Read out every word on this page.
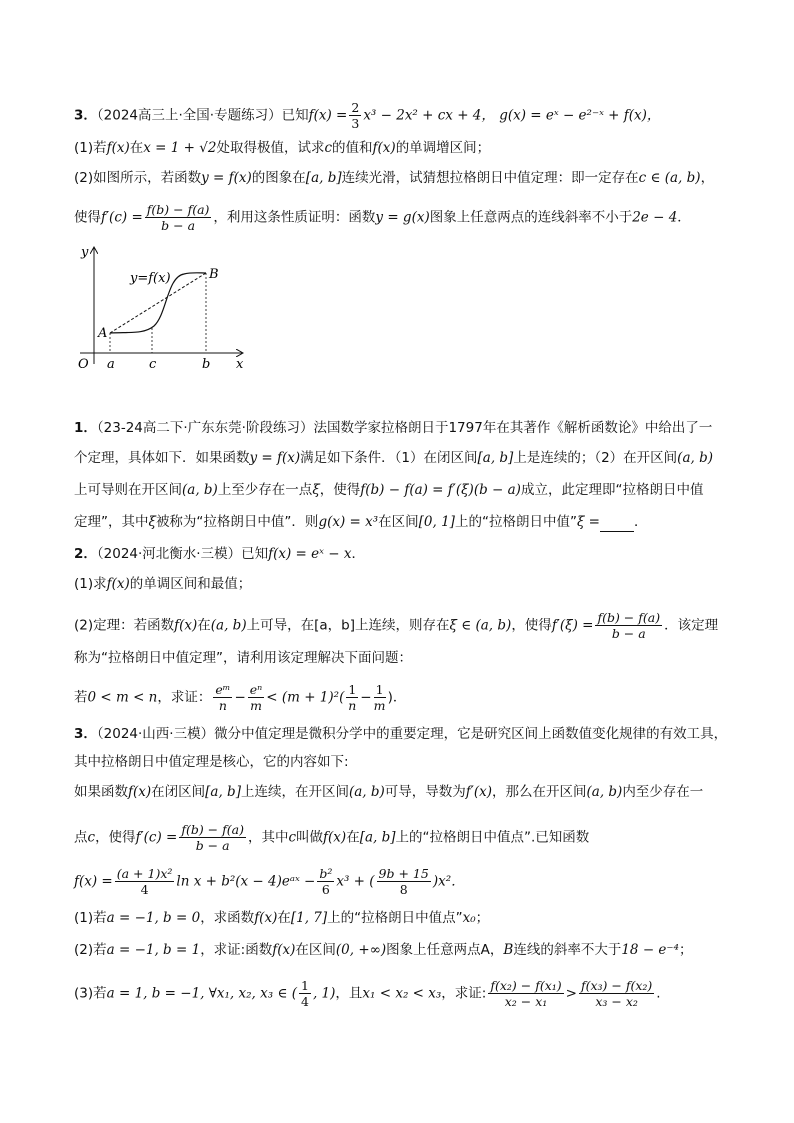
3．（2024高三上·全国·专题练习）已知$f(x) = \frac{2}{3} x^3 - 2x^2$ + cx + 4， g(x) = eˣ − e²⁻ˣ + f(x)，
(1)若f(x)在x = 1 + √2处取得极值，试求c的值和f(x)的单调增区间；
(2)如图所示，若函数y = f(x)的图象在[a, b]连续光滑，试猜想拉格朗日中值定理：即一定存在c ∈ (a, b)，
使得$f'(c) = \frac{f(b) - f(a)}{b - a}$ ，利用这条性质证明：函数y = g(x)图象上任意两点的连线斜率不小于2e − 4．
y
x
O
y=f(x)
A
B
a	c	b
1．（23-24高二下·广东东莞·阶段练习）法国数学家拉格朗日于1797年在其著作《解析函数论》中给出了一
个定理，具体如下．如果函数y = f(x)满足如下条件．（1）在闭区间[a, b]上是连续的；（2）在开区间(a, b)
上可导则在开区间(a, b)上至少存在一点ξ，使得f(b) − f(a) = f′(ξ)(b − a)成立，此定理即“拉格朗日中值
定理”，其中ξ被称为“拉格朗日中值”．则g(x) = x³在区间[0, 1]上的“拉格朗日中值”ξ =	．
2．（2024·河北衡水·三模）已知f(x) = eˣ − x．
(1)求f(x)的单调区间和最值；
(2)定理：若函数f(x)在(a, b)上可导，在[a，b]上连续，则存在ξ ∈ (a, b)，使得$f'(\xi) = \frac{f(b) - f(a)}{b - a}$ ．该定理
称为“拉格朗日中值定理”，请利用该定理解决下面问题：
若0 < m < n，求证： $\frac{\text{eᵐ}}{n} - \frac{\text{eⁿ}}{m} < (m + 1)^2( \frac{1}{n} - \frac{1}{m}$ )．
3．（2024·山西·三模）微分中值定理是微积分学中的重要定理，它是研究区间上函数值变化规律的有效工具，
其中拉格朗日中值定理是核心，它的内容如下:
如果函数f(x)在闭区间[a, b]上连续，在开区间(a, b)可导，导数为f′(x)，那么在开区间(a, b)内至少存在一
点c，使得$f'(c) = \frac{f(b) - f(a)}{b - a}$ ，其中c叫做f(x)在[a, b]上的“拉格朗日中值点”.已知函数
$f(x) = \frac{\text{(a + 1)x²}}{4}$ ln x + b²(x − 4)eᵃˣ − $\frac{\text{b²}}{6} x^3$ + ( $\frac{9b + 15}{8} )x^2$．
(1)若a = −1, b = 0，求函数f(x)在[1, 7]上的“拉格朗日中值点”x₀；
(2)若a = −1, b = 1，求证:函数f(x)在区间(0, +∞)图象上任意两点A，B连线的斜率不大于18 − e⁻⁴；
(3)若a = 1, b = −1, ∀x₁, x₂, x₃ ∈ ( $\frac{1}{4}$ , 1)，且x₁ < x₂ < x₃，求证: $\frac{\text{f(x₂) − f(x₁)}}{\text{x₂ − x₁}} > \frac{\text{f(x₃) − f(x₂)}}{\text{x₃ − x₂}}$ .
